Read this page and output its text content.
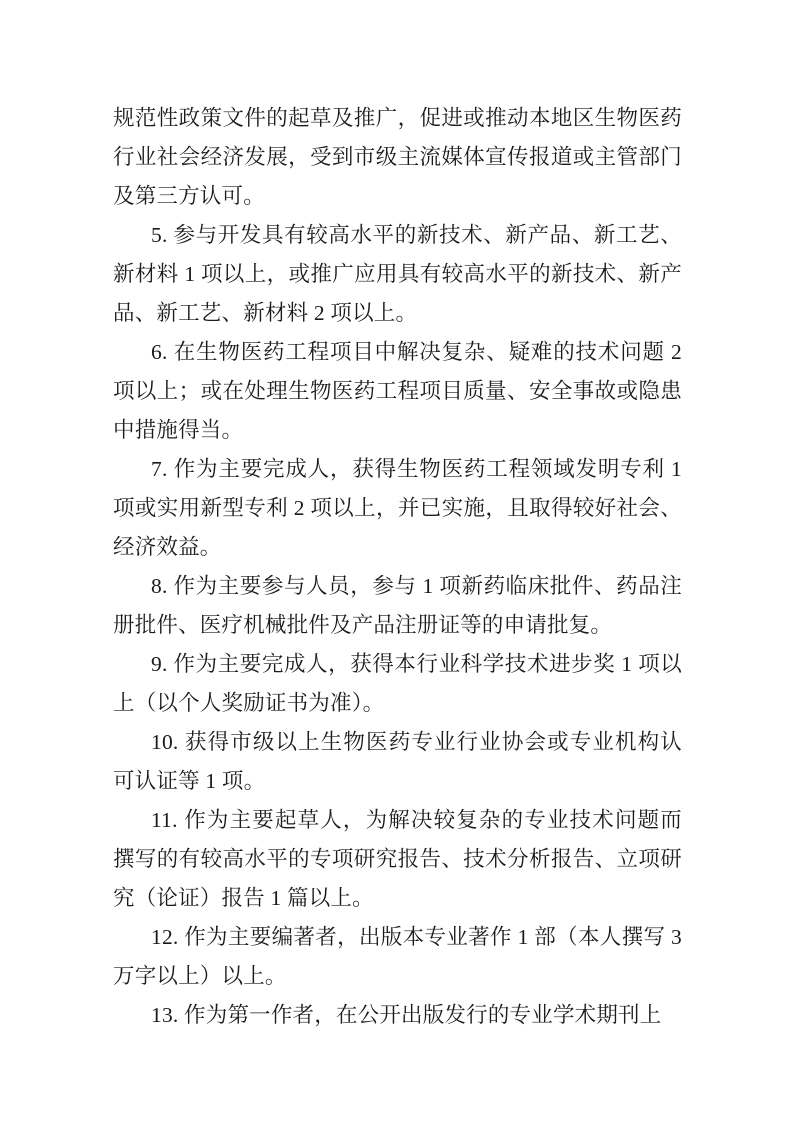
规范性政策文件的起草及推广，促进或推动本地区生物医药行业社会经济发展，受到市级主流媒体宣传报道或主管部门及第三方认可。

5. 参与开发具有较高水平的新技术、新产品、新工艺、新材料 1 项以上，或推广应用具有较高水平的新技术、新产品、新工艺、新材料 2 项以上。

6. 在生物医药工程项目中解决复杂、疑难的技术问题 2 项以上；或在处理生物医药工程项目质量、安全事故或隐患中措施得当。

7. 作为主要完成人，获得生物医药工程领域发明专利 1 项或实用新型专利 2 项以上，并已实施，且取得较好社会、经济效益。

8. 作为主要参与人员，参与 1 项新药临床批件、药品注册批件、医疗机械批件及产品注册证等的申请批复。

9. 作为主要完成人，获得本行业科学技术进步奖 1 项以上（以个人奖励证书为准）。

10. 获得市级以上生物医药专业行业协会或专业机构认可认证等 1 项。

11. 作为主要起草人，为解决较复杂的专业技术问题而撰写的有较高水平的专项研究报告、技术分析报告、立项研究（论证）报告 1 篇以上。

12. 作为主要编著者，出版本专业著作 1 部（本人撰写 3 万字以上）以上。

13. 作为第一作者，在公开出版发行的专业学术期刊上
